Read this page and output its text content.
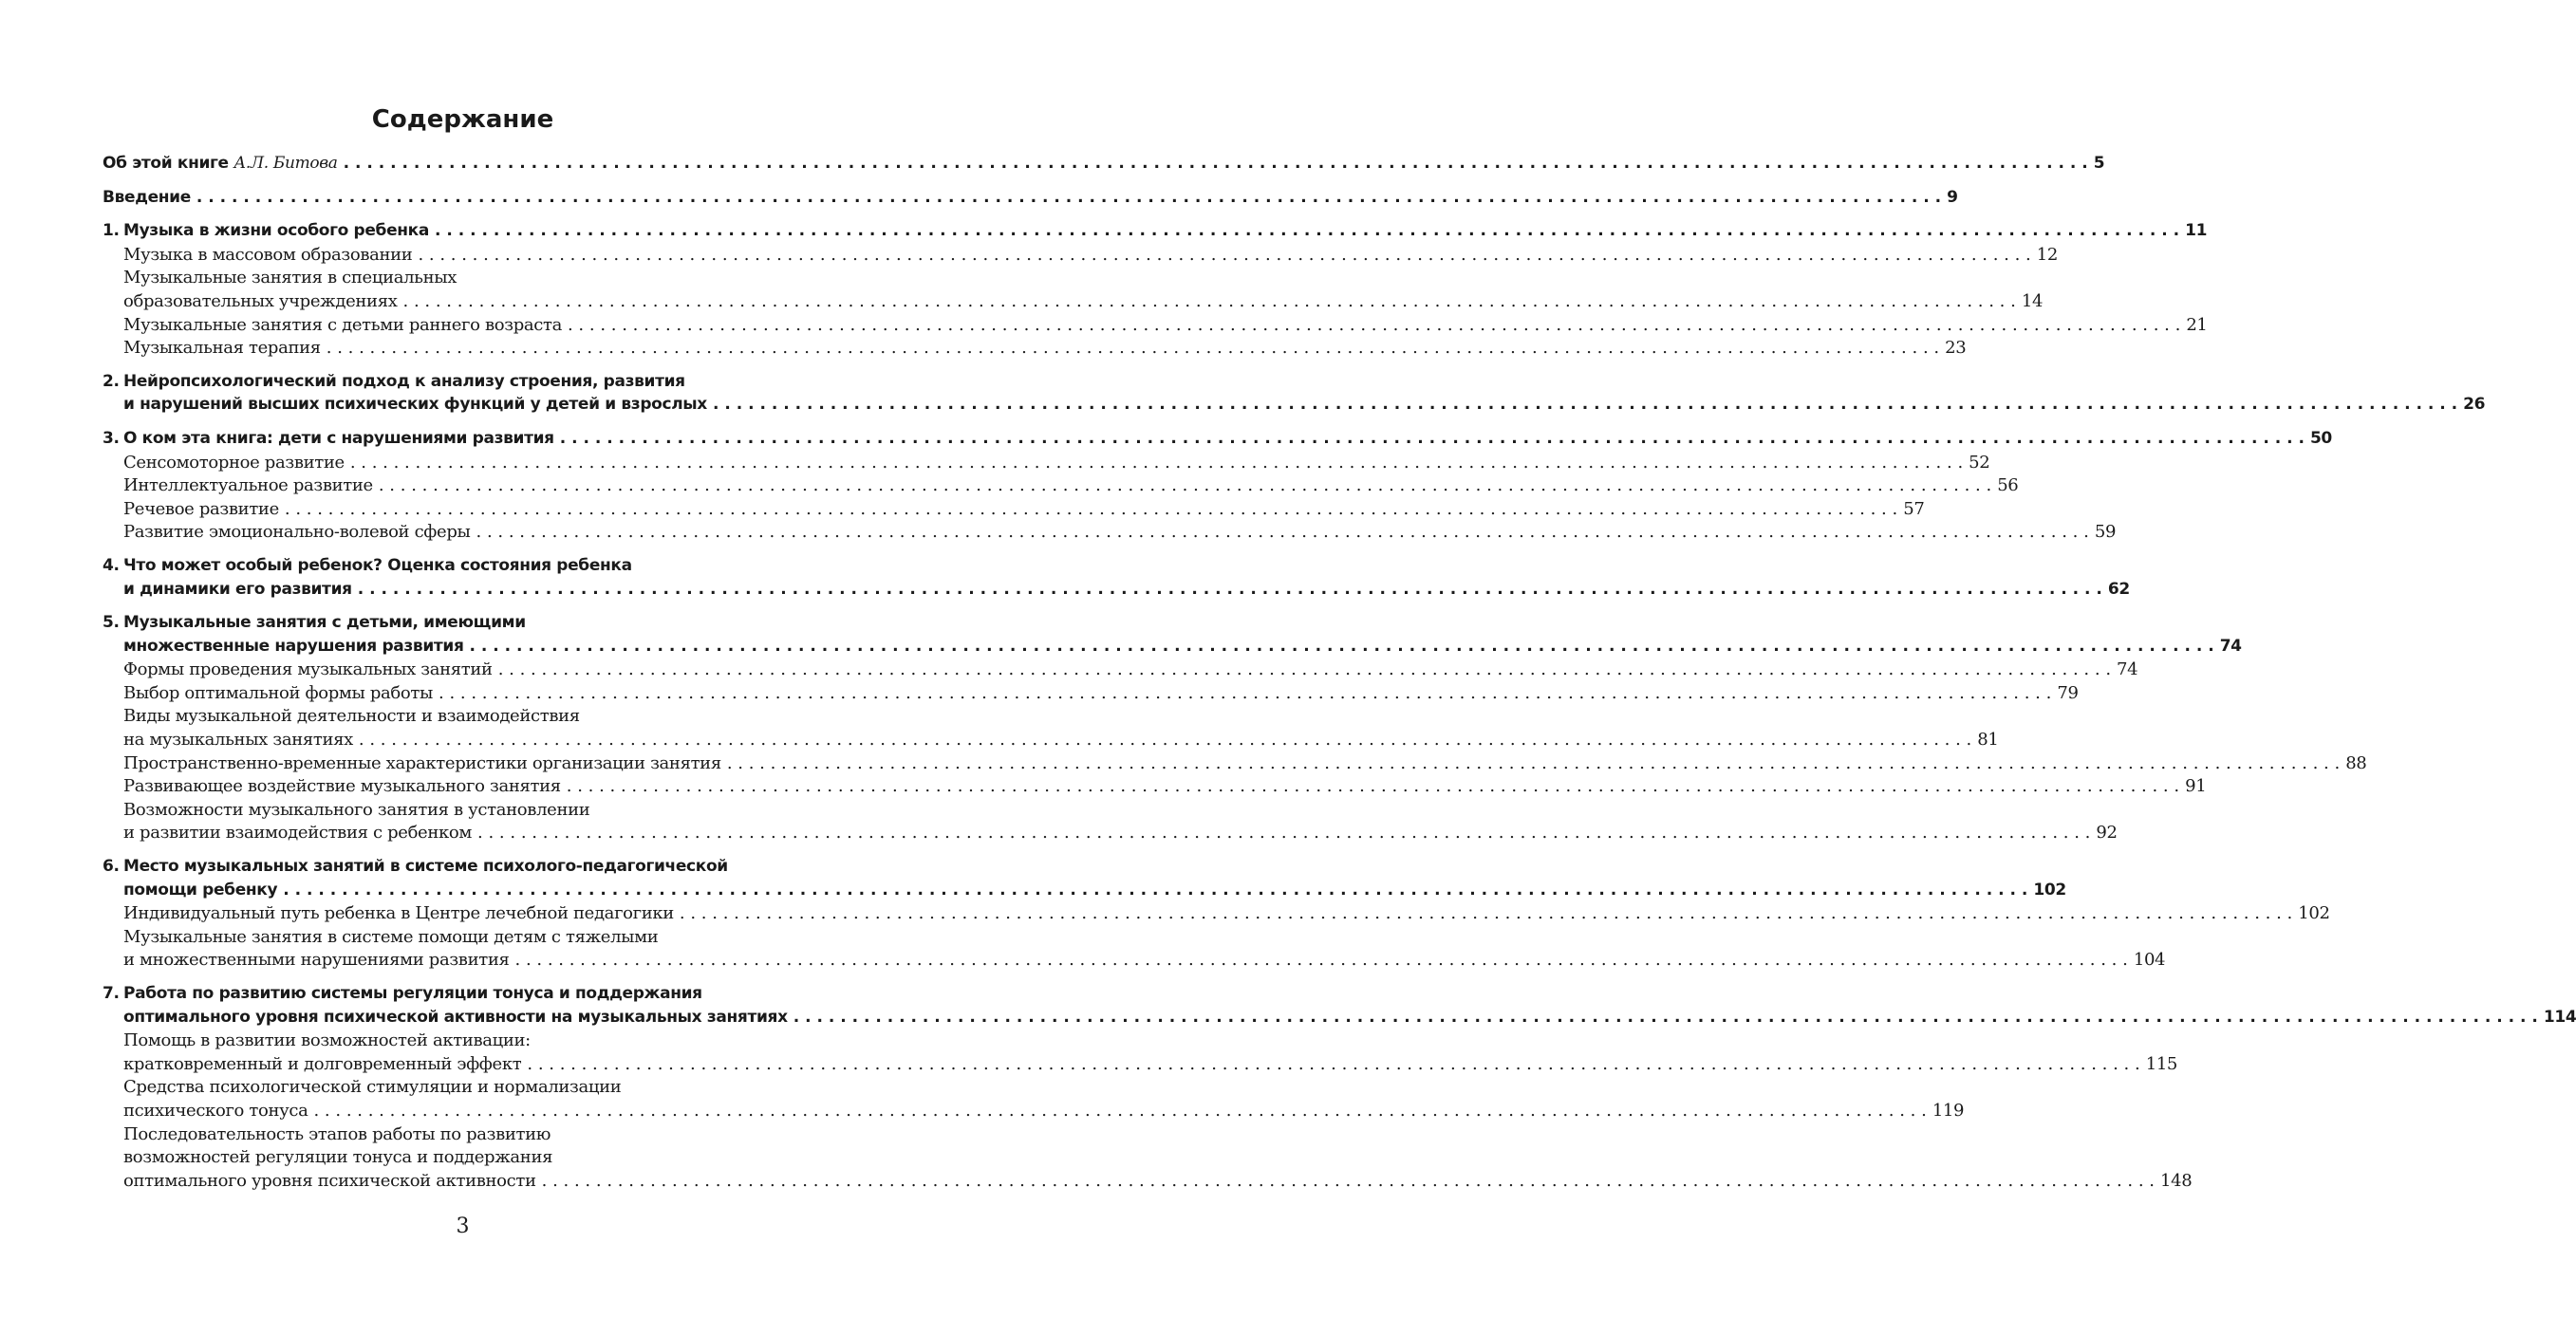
Содержание
Об этой книге А.Л. Битова . . .	5
Введение . . .	9
1. Музыка в жизни особого ребенка . . .	11
Музыка в массовом образовании . . .	12
Музыкальные занятия в специальных
образовательных учреждениях . . .	14
Музыкальные занятия с детьми раннего возраста . . .	21
Музыкальная терапия . . .	23
2. Нейропсихологический подход к анализу строения, развития
и нарушений высших психических функций у детей и взрослых . . .	26
3. О ком эта книга: дети с нарушениями развития . . .	50
Сенсомоторное развитие . . .	52
Интеллектуальное развитие . . .	56
Речевое развитие . . .	57
Развитие эмоционально-волевой сферы . . .	59
4. Что может особый ребенок? Оценка состояния ребенка
и динамики его развития . . .	62
5. Музыкальные занятия с детьми, имеющими
множественные нарушения развития . . .	74
Формы проведения музыкальных занятий . . .	74
Выбор оптимальной формы работы . . .	79
Виды музыкальной деятельности и взаимодействия
на музыкальных занятиях . . .	81
Пространственно-временные характеристики организации занятия . . .	88
Развивающее воздействие музыкального занятия . . .	91
Возможности музыкального занятия в установлении
и развитии взаимодействия с ребенком . . .	92
6. Место музыкальных занятий в системе психолого-педагогической
помощи ребенку . . .	102
Индивидуальный путь ребенка в Центре лечебной педагогики . . .	102
Музыкальные занятия в системе помощи детям с тяжелыми
и множественными нарушениями развития . . .	104
7. Работа по развитию системы регуляции тонуса и поддержания
оптимального уровня психической активности на музыкальных занятиях . . .	114
Помощь в развитии возможностей активации:
кратковременный и долговременный эффект . . .	115
Средства психологической стимуляции и нормализации
психического тонуса . . .	119
Последовательность этапов работы по развитию
возможностей регуляции тонуса и поддержания
оптимального уровня психической активности . . .	148
3
